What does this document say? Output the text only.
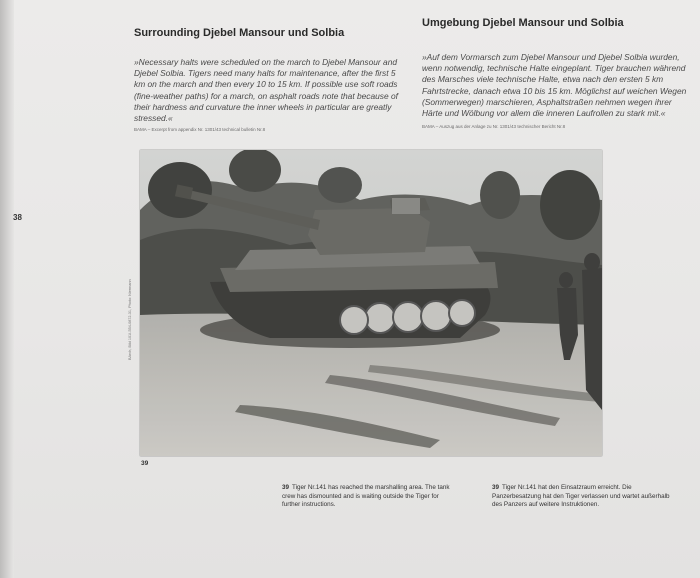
38
Surrounding Djebel Mansour und Solbia
»Necessary halts were scheduled on the march to Djebel Mansour and Djebel Solbia. Tigers need many halts for maintenance, after the first 5 km on the march and then every 10 to 15 km. If possible use soft roads (fine-weather paths) for a march, on asphalt roads note that because of their hardness and curvature the inner wheels in particular are greatly stressed.«
BAMA – Excerpt from appendix Nr. 1301/43 technical bulletin Nr.8
Umgebung Djebel Mansour und Solbia
»Auf dem Vormarsch zum Djebel Mansour und Djebel Solbia wurden, wenn notwendig, technische Halte eingeplant. Tiger brauchen während des Marsches viele technische Halte, etwa nach den ersten 5 km Fahrtstrecke, danach etwa 10 bis 15 km. Möglichst auf weichen Wegen (Sommerwegen) marschieren, Asphaltstraßen nehmen wegen ihrer Härte und Wölbung vor allem die inneren Laufrollen zu stark mit.«
BAMA – Auszug aus der Anlage zu Nr. 1301/43 technischer Bericht Nr.8
BArch, Bild 101I-554-0872-31, Photo: Niermann
39
39 Tiger Nr.141 has reached the marshalling area. The tank crew has dismounted and is waiting outside the Tiger for further instructions.
39 Tiger Nr.141 hat den Einsatzraum erreicht. Die Panzerbesatzung hat den Tiger verlassen und wartet außerhalb des Panzers auf weitere Instruktionen.
